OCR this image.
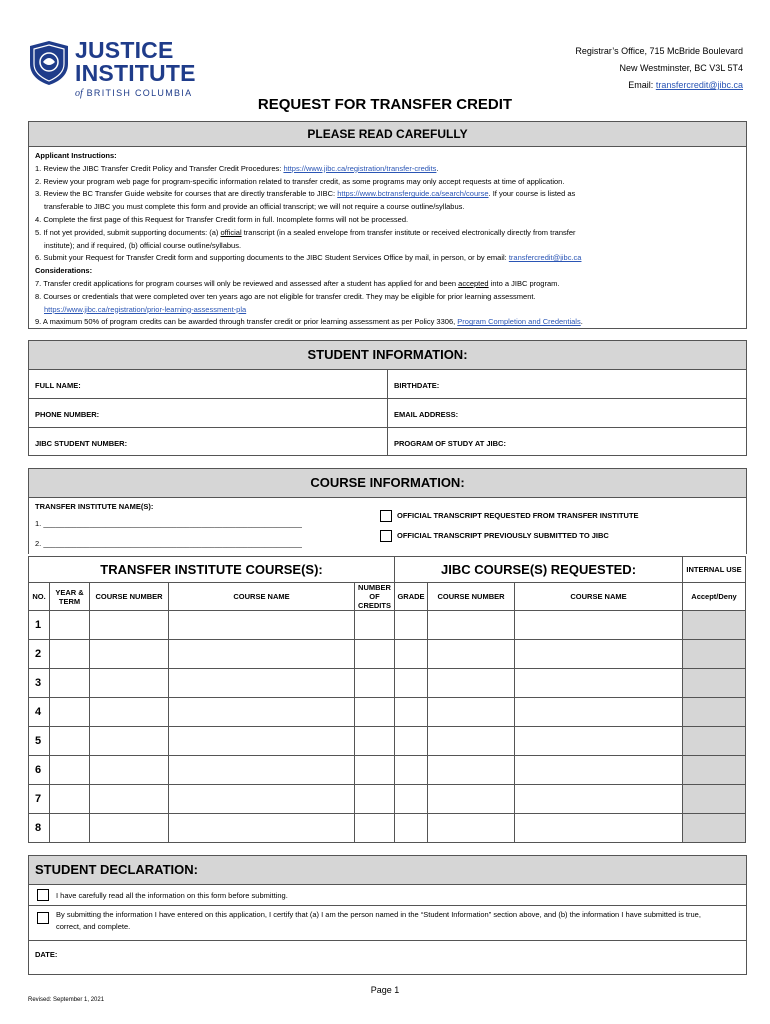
JUSTICE
INSTITUTE
of BRITISH COLUMBIA
Registrar’s Office, 715 McBride Boulevard
New Westminster, BC V3L 5T4
Email: transfercredit@jibc.ca
REQUEST FOR TRANSFER CREDIT
PLEASE READ CAREFULLY
Applicant Instructions:
1. Review the JIBC Transfer Credit Policy and Transfer Credit Procedures: https://www.jibc.ca/registration/transfer-credits.
2. Review your program web page for program-specific information related to transfer credit, as some programs may only accept requests at time of application.
3. Review the BC Transfer Guide website for courses that are directly transferable to JIBC: https://www.bctransferguide.ca/search/course. If your course is listed as
transferable to JIBC you must complete this form and provide an official transcript; we will not require a course outline/syllabus.
4. Complete the first page of this Request for Transfer Credit form in full. Incomplete forms will not be processed.
5. If not yet provided, submit supporting documents: (a) official transcript (in a sealed envelope from transfer institute or received electronically directly from transfer
institute); and if required, (b) official course outline/syllabus.
6. Submit your Request for Transfer Credit form and supporting documents to the JIBC Student Services Office by mail, in person, or by email: transfercredit@jibc.ca
Considerations:
7. Transfer credit applications for program courses will only be reviewed and assessed after a student has applied for and been accepted into a JIBC program.
8. Courses or credentials that were completed over ten years ago are not eligible for transfer credit. They may be eligible for prior learning assessment.
https://www.jibc.ca/registration/prior-learning-assessment-pla
9. A maximum 50% of program credits can be awarded through transfer credit or prior learning assessment as per Policy 3306, Program Completion and Credentials.
STUDENT INFORMATION:
FULL NAME:	BIRTHDATE:
PHONE NUMBER:	EMAIL ADDRESS:
JIBC STUDENT NUMBER:	PROGRAM OF STUDY AT JIBC:
COURSE INFORMATION:
TRANSFER INSTITUTE NAME(S):
1. ______________________________________________________________
2. ______________________________________________________________
OFFICIAL TRANSCRIPT REQUESTED FROM TRANSFER INSTITUTE
OFFICIAL TRANSCRIPT PREVIOUSLY SUBMITTED TO JIBC
TRANSFER INSTITUTE COURSE(S):					JIBC COURSE(S) REQUESTED:			INTERNAL USE
NO.	YEAR & TERM	COURSE NUMBER	COURSE NAME	NUMBER OF CREDITS	GRADE	COURSE NUMBER	COURSE NAME	Accept/Deny
1								
2								
3								
4								
5								
6								
7								
8								
STUDENT DECLARATION:
I have carefully read all the information on this form before submitting.
By submitting the information I have entered on this application, I certify that (a) I am the person named in the “Student Information” section above, and (b) the information I have submitted is true, correct, and complete.
DATE:
Page 1
Revised: September 1, 2021
